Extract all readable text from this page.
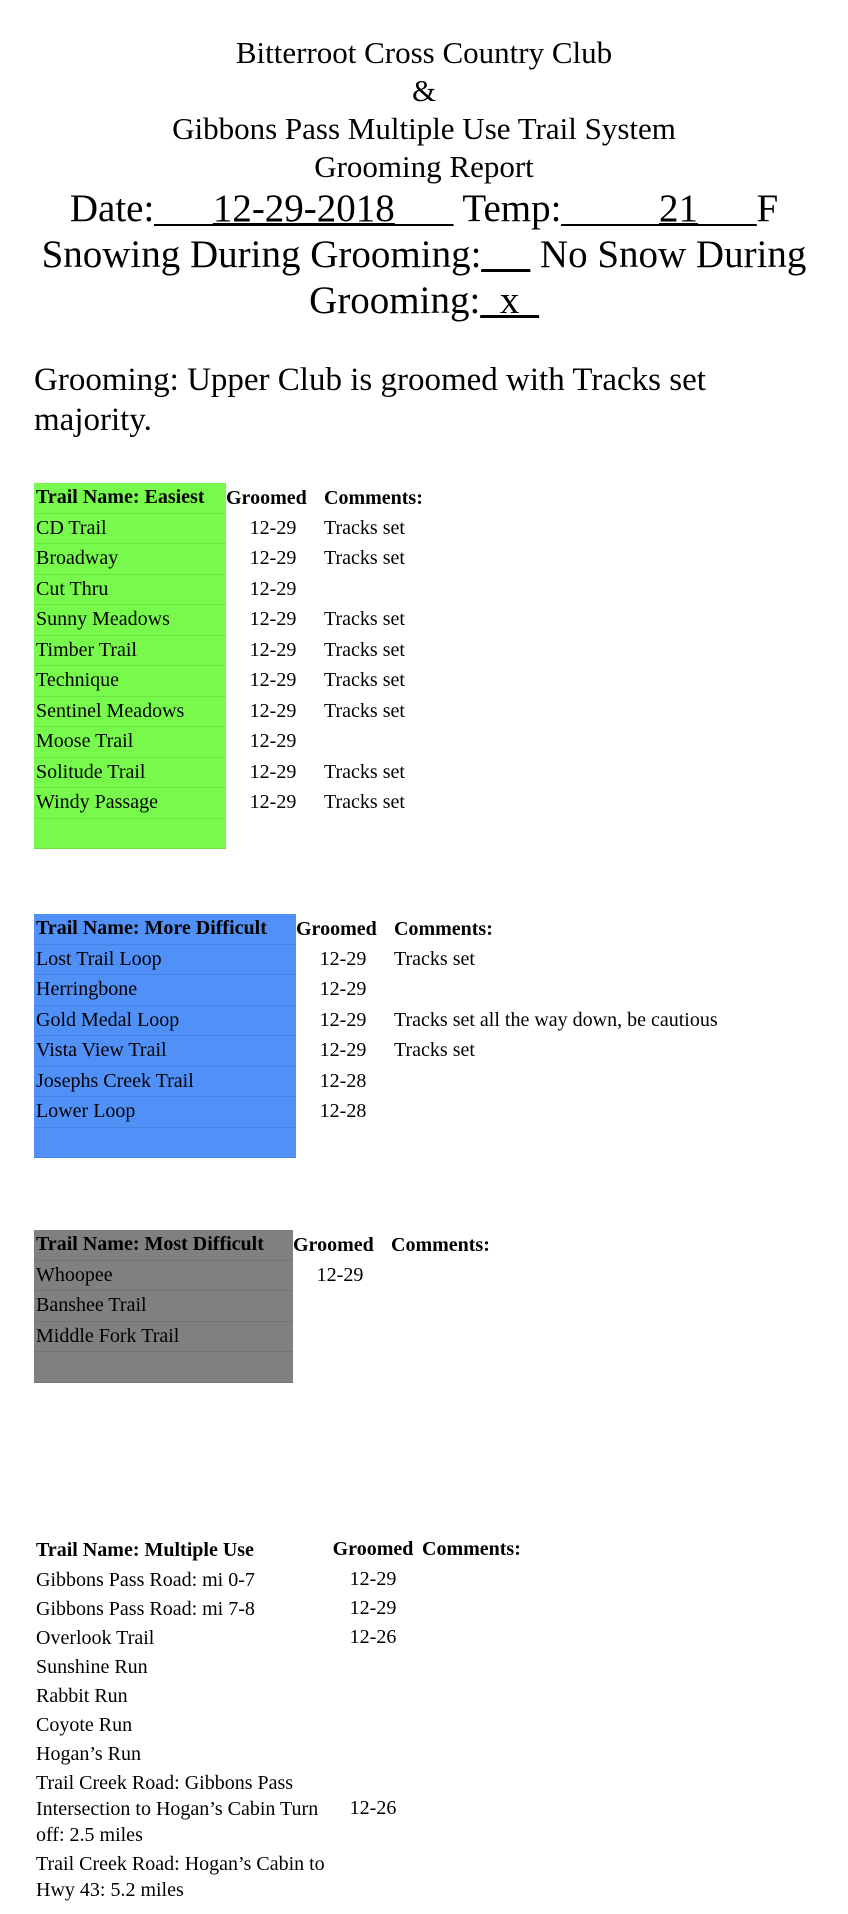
Bitterroot Cross Country Club
&
Gibbons Pass Multiple Use Trail System
Grooming Report
Date:___12-29-2018___ Temp:_____21___F
Snowing During Grooming:_ _ No Snow During Grooming:_x_
Grooming: Upper Club is groomed with Tracks set majority.
Trail Name: Easiest	Groomed	Comments:
CD Trail	12-29	Tracks set
Broadway	12-29	Tracks set
Cut Thru	12-29	
Sunny Meadows	12-29	Tracks set
Timber Trail	12-29	Tracks set
Technique	12-29	Tracks set
Sentinel Meadows	12-29	Tracks set
Moose Trail	12-29	
Solitude Trail	12-29	Tracks set
Windy Passage	12-29	Tracks set

Trail Name: More Difficult	Groomed	Comments:
Lost Trail Loop	12-29	Tracks set
Herringbone	12-29	
Gold Medal Loop	12-29	Tracks set all the way down, be cautious
Vista View Trail	12-29	Tracks set
Josephs Creek Trail	12-28	
Lower Loop	12-28	

Trail Name: Most Difficult	Groomed	Comments:
Whoopee	12-29	
Banshee Trail		
Middle Fork Trail		

Trail Name: Multiple Use	Groomed	Comments:
Gibbons Pass Road: mi 0-7	12-29	
Gibbons Pass Road: mi 7-8	12-29	
Overlook Trail	12-26	
Sunshine Run		
Rabbit Run		
Coyote Run		
Hogan’s Run		
Trail Creek Road: Gibbons Pass Intersection to Hogan’s Cabin Turn off: 2.5 miles	12-26	
Trail Creek Road: Hogan’s Cabin to Hwy 43: 5.2 miles		
